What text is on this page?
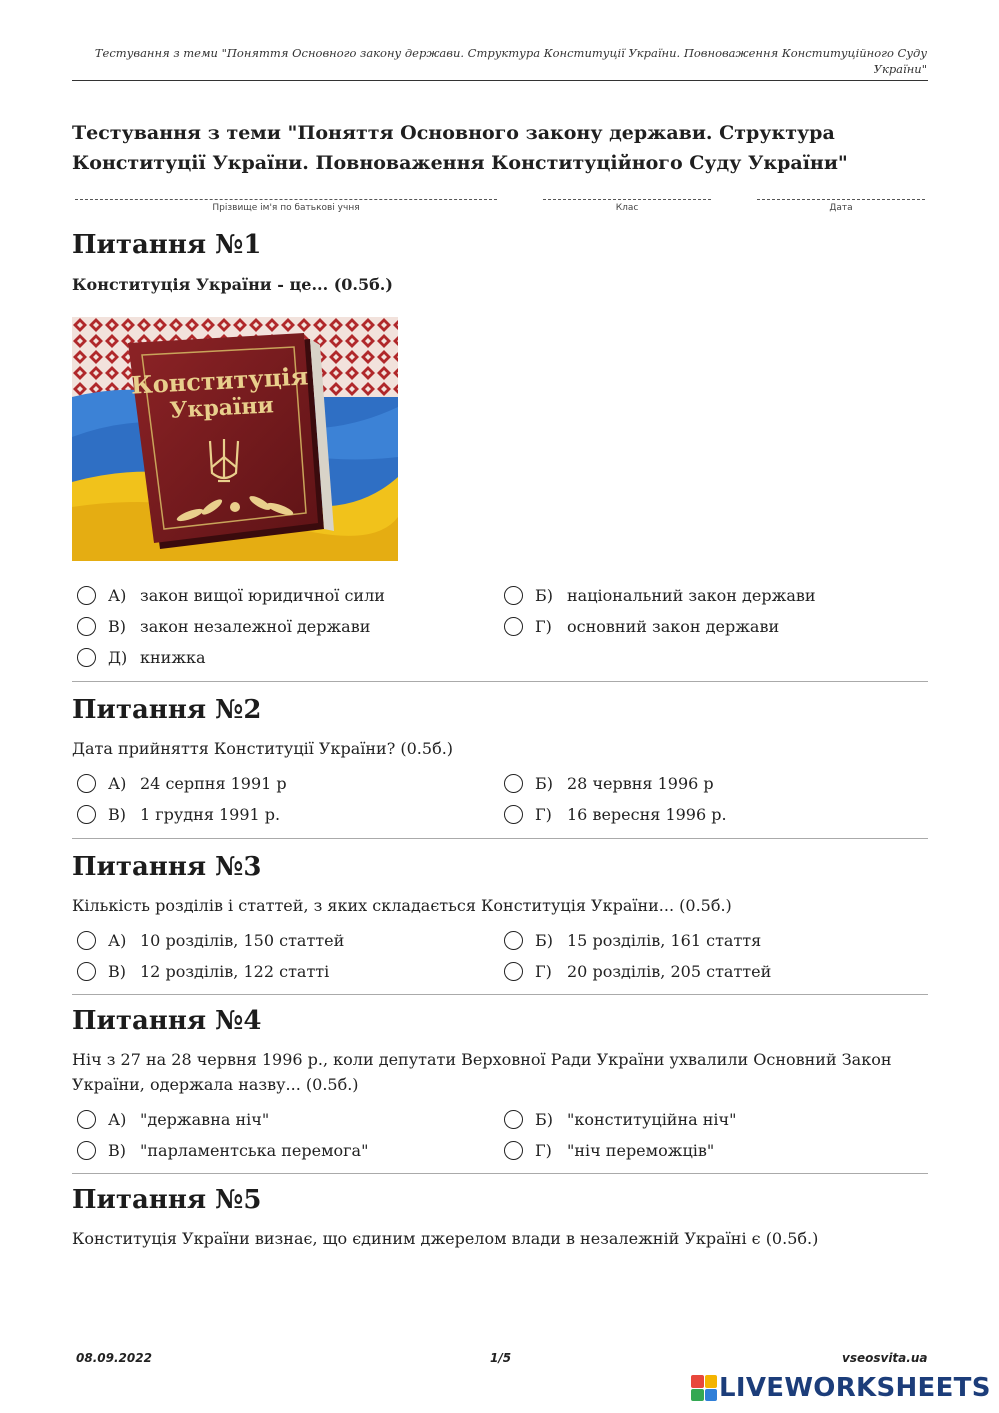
Тестування з теми "Поняття Основного закону держави. Структура Конституції України. Повноваження Конституційного Суду України"
Тестування з теми "Поняття Основного закону держави. Структура Конституції України. Повноваження Конституційного Суду України"
Прізвище ім'я по батькові учня	Клас	Дата
Питання №1
Конституція України - це... (0.5б.)
Конституція
України
А) закон вищої юридичної сили	Б) національний закон держави
В) закон незалежної держави	Г) основний закон держави
Д) книжка
Питання №2
Дата прийняття Конституції України? (0.5б.)
А) 24 серпня 1991 р	Б) 28 червня 1996 р
В) 1 грудня 1991 р.	Г) 16 вересня 1996 р.
Питання №3
Кількість розділів і статтей, з яких складається Конституція України... (0.5б.)
А) 10 розділів, 150 статтей	Б) 15 розділів, 161 стаття
В) 12 розділів, 122 статті	Г) 20 розділів, 205 статтей
Питання №4
Ніч з 27 на 28 червня 1996 р., коли депутати Верховної Ради України ухвалили Основний Закон України, одержала назву... (0.5б.)
А) "державна ніч"	Б) "конституційна ніч"
В) "парламентська перемога"	Г) "ніч переможців"
Питання №5
Конституція України визнає, що єдиним джерелом влади в незалежній Україні є (0.5б.)
08.09.2022	1/5	vseosvita.ua
LIVEWORKSHEETS
